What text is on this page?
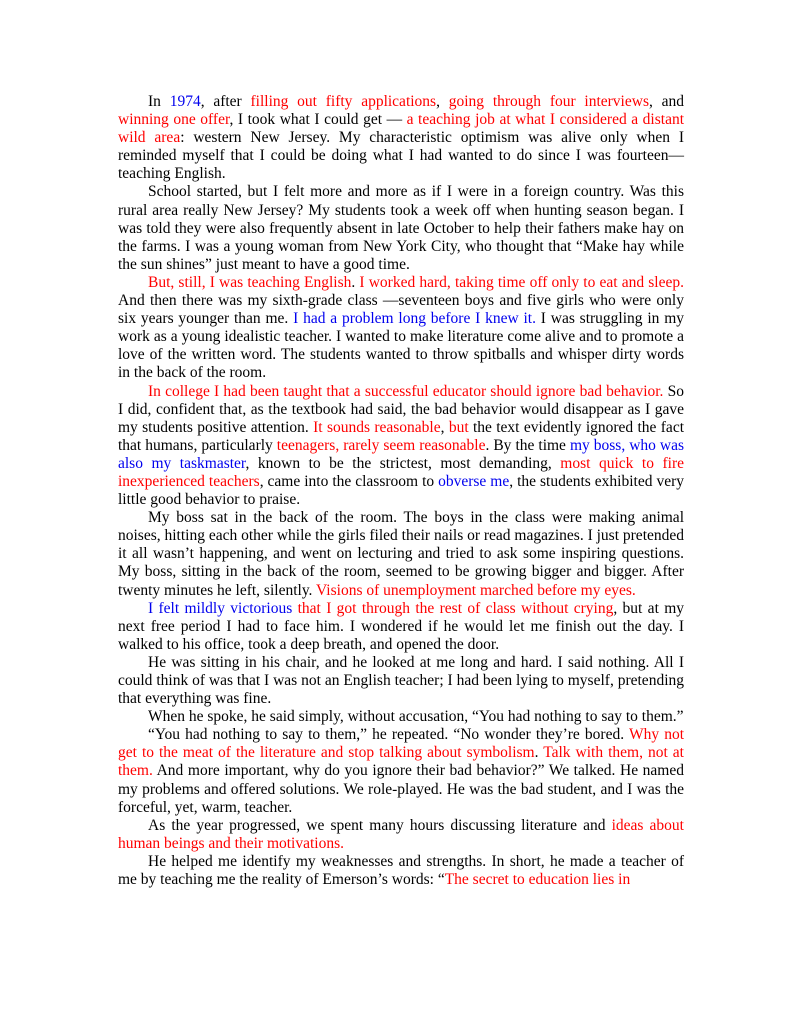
In 1974, after filling out fifty applications, going through four interviews, and winning one offer, I took what I could get — a teaching job at what I considered a distant wild area: western New Jersey. My characteristic optimism was alive only when I reminded myself that I could be doing what I had wanted to do since I was fourteen—teaching English.

School started, but I felt more and more as if I were in a foreign country. Was this rural area really New Jersey? My students took a week off when hunting season began. I was told they were also frequently absent in late October to help their fathers make hay on the farms. I was a young woman from New York City, who thought that “Make hay while the sun shines” just meant to have a good time.

But, still, I was teaching English. I worked hard, taking time off only to eat and sleep. And then there was my sixth-grade class —seventeen boys and five girls who were only six years younger than me. I had a problem long before I knew it. I was struggling in my work as a young idealistic teacher. I wanted to make literature come alive and to promote a love of the written word. The students wanted to throw spitballs and whisper dirty words in the back of the room.

In college I had been taught that a successful educator should ignore bad behavior. So I did, confident that, as the textbook had said, the bad behavior would disappear as I gave my students positive attention. It sounds reasonable, but the text evidently ignored the fact that humans, particularly teenagers, rarely seem reasonable. By the time my boss, who was also my taskmaster, known to be the strictest, most demanding, most quick to fire inexperienced teachers, came into the classroom to obverse me, the students exhibited very little good behavior to praise.

My boss sat in the back of the room. The boys in the class were making animal noises, hitting each other while the girls filed their nails or read magazines. I just pretended it all wasn’t happening, and went on lecturing and tried to ask some inspiring questions. My boss, sitting in the back of the room, seemed to be growing bigger and bigger. After twenty minutes he left, silently. Visions of unemployment marched before my eyes.

I felt mildly victorious that I got through the rest of class without crying, but at my next free period I had to face him. I wondered if he would let me finish out the day. I walked to his office, took a deep breath, and opened the door.

He was sitting in his chair, and he looked at me long and hard. I said nothing. All I could think of was that I was not an English teacher; I had been lying to myself, pretending that everything was fine.

When he spoke, he said simply, without accusation, “You had nothing to say to them.”

“You had nothing to say to them,” he repeated. “No wonder they’re bored. Why not get to the meat of the literature and stop talking about symbolism. Talk with them, not at them. And more important, why do you ignore their bad behavior?” We talked. He named my problems and offered solutions. We role-played. He was the bad student, and I was the forceful, yet, warm, teacher.

As the year progressed, we spent many hours discussing literature and ideas about human beings and their motivations.

He helped me identify my weaknesses and strengths. In short, he made a teacher of me by teaching me the reality of Emerson’s words: “The secret to education lies in
